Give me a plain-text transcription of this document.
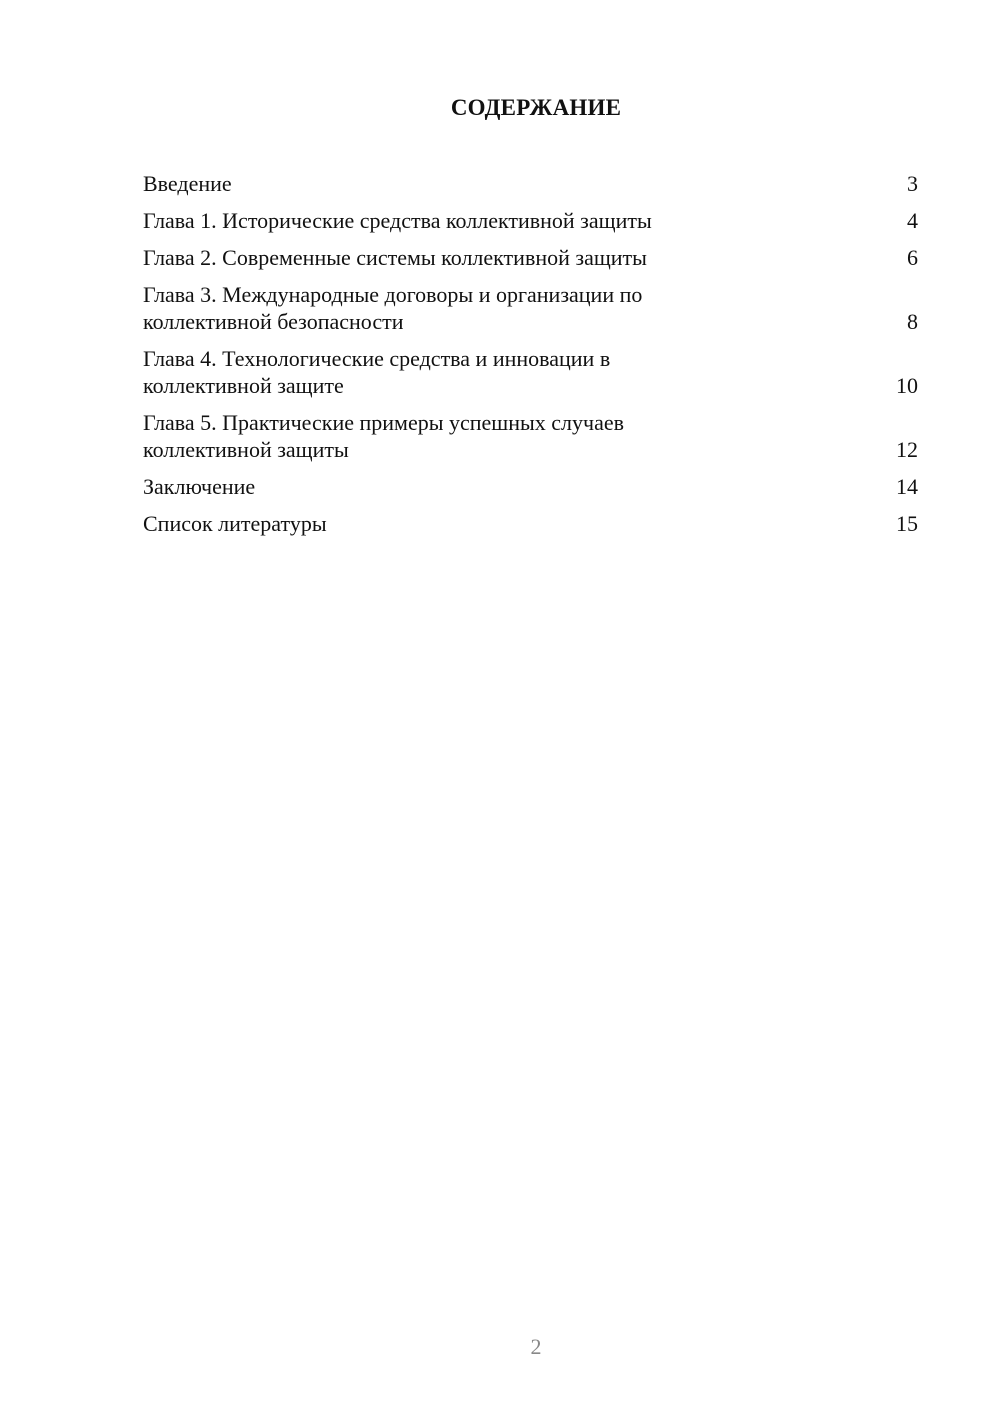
СОДЕРЖАНИЕ
Введение	3
Глава 1. Исторические средства коллективной защиты	4
Глава 2. Современные системы коллективной защиты	6
Глава 3. Международные договоры и организации по коллективной безопасности	8
Глава 4. Технологические средства и инновации в коллективной защите	10
Глава 5. Практические примеры успешных случаев коллективной защиты	12
Заключение	14
Список литературы	15
2
